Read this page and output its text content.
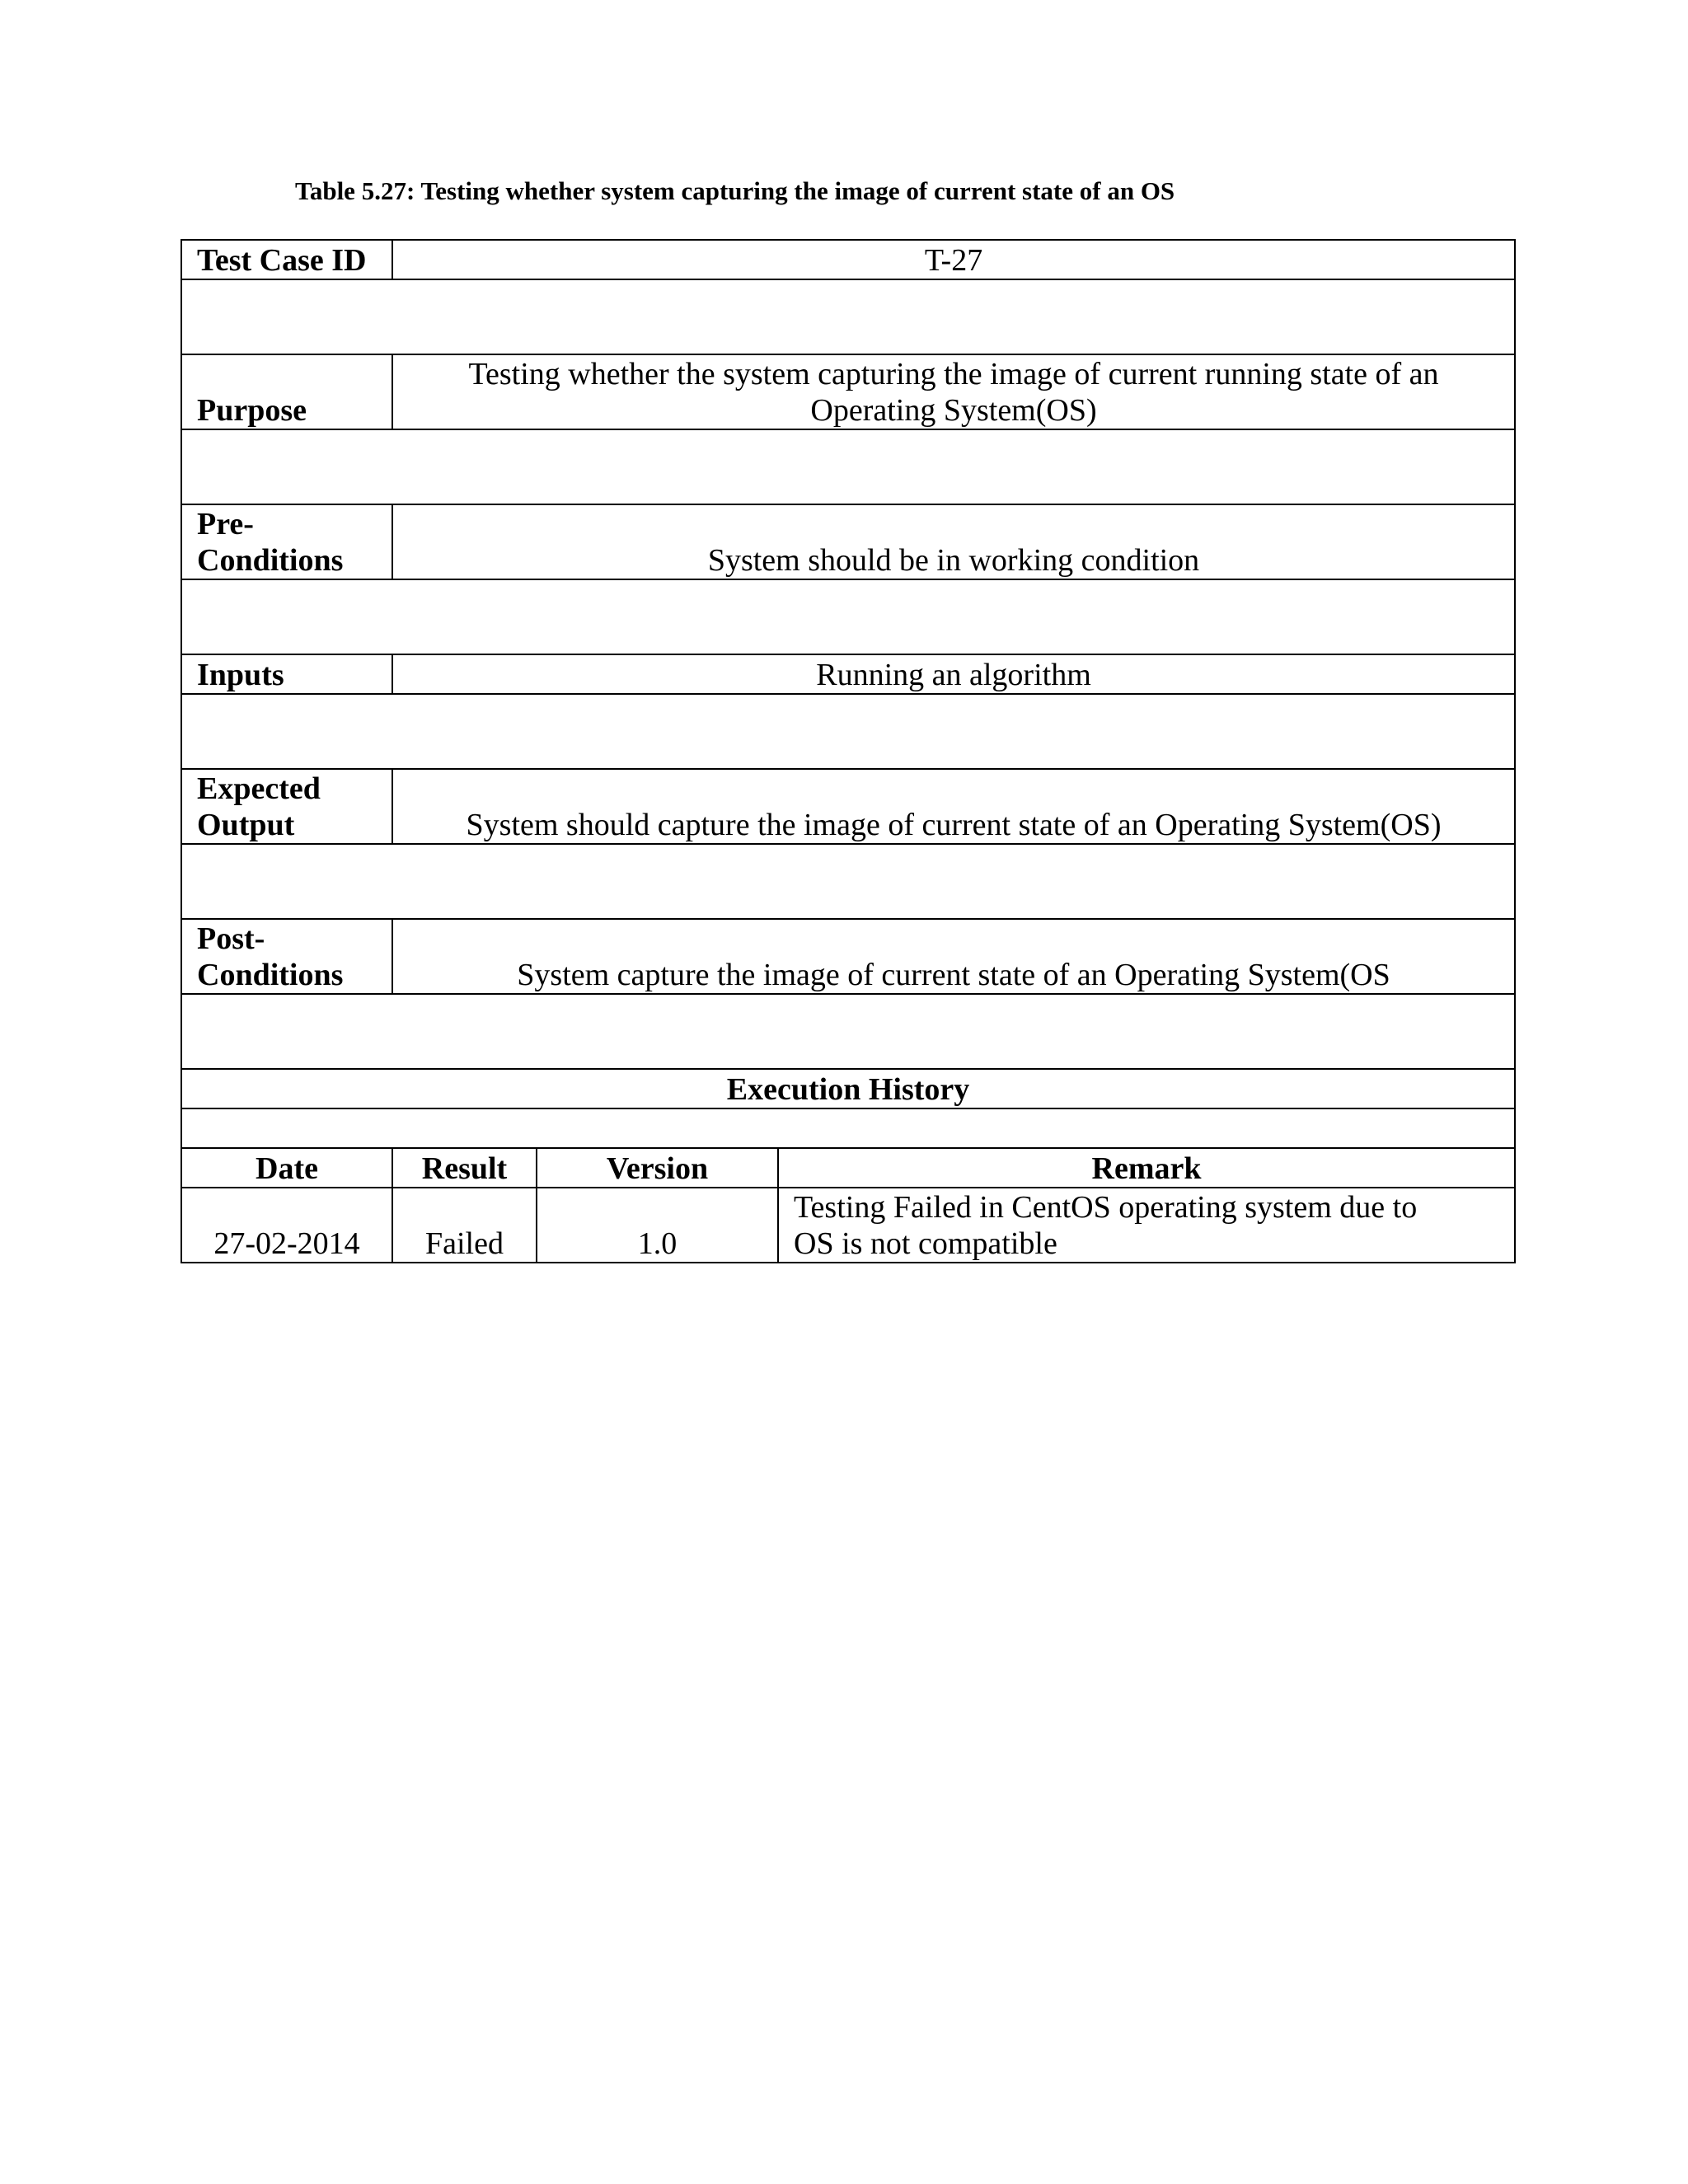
Table 5.27: Testing whether system capturing the image of current state of an OS
Test Case ID	T-27		

Purpose	Testing whether the system capturing the image of current running state of an
Operating System(OS)		

Pre-
Conditions	System should be in working condition		

Inputs	Running an algorithm		

Expected
Output	System should capture the image of current state of an Operating System(OS)		

Post-
Conditions	System capture the image of current state of an Operating System(OS		

Execution History			

Date	Result	Version	Remark
27-02-2014	Failed	1.0	Testing Failed in CentOS operating system due to
OS is not compatible
